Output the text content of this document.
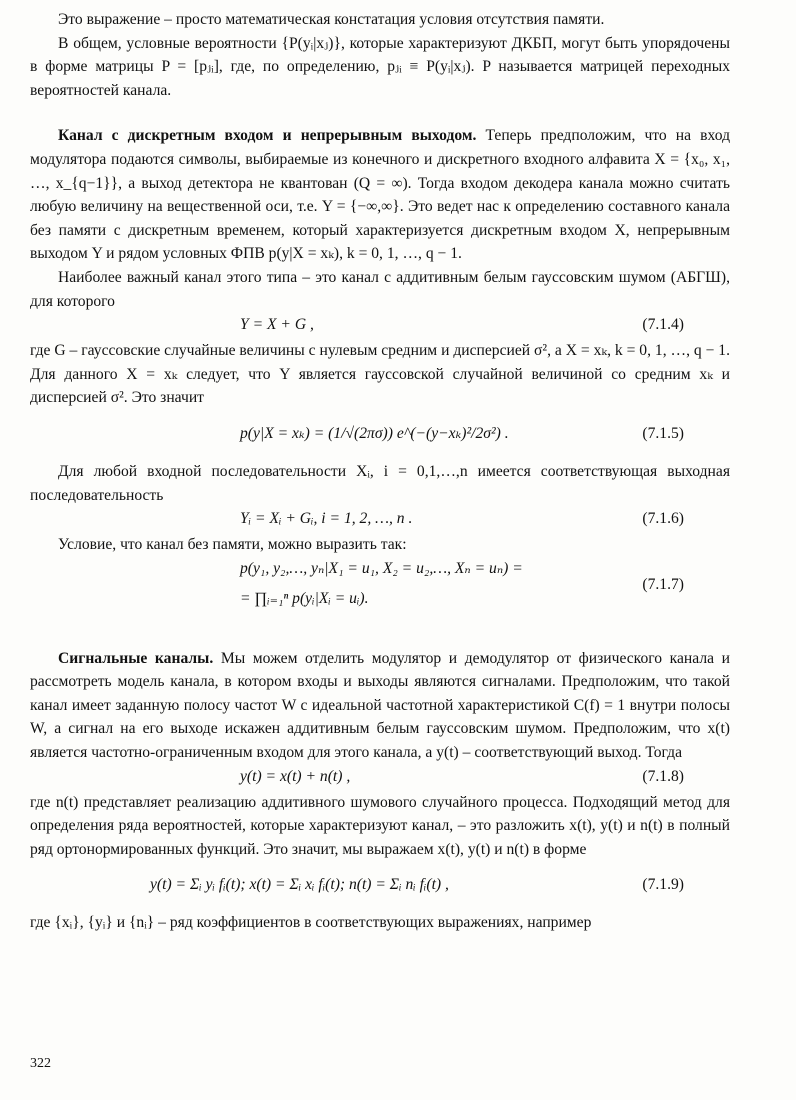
Это выражение – просто математическая констатация условия отсутствия памяти.

В общем, условные вероятности {P(yᵢ|xⱼ)}, которые характеризуют ДКБП, могут быть упорядочены в форме матрицы P = [pⱼᵢ], где, по определению, pⱼᵢ ≡ P(yᵢ|xⱼ). P называется матрицей переходных вероятностей канала.

Канал с дискретным входом и непрерывным выходом. Теперь предположим, что на вход модулятора подаются символы, выбираемые из конечного и дискретного входного алфавита X = {x₀, x₁, …, x_{q−1}}, а выход детектора не квантован (Q = ∞). Тогда входом декодера канала можно считать любую величину на вещественной оси, т.е. Y = {−∞,∞}. Это ведет нас к определению составного канала без памяти с дискретным временем, который характеризуется дискретным входом X, непрерывным выходом Y и рядом условных ФПВ p(y|X = xₖ), k = 0, 1, …, q − 1.

Наиболее важный канал этого типа – это канал с аддитивным белым гауссовским шумом (АБГШ), для которого

Y = X + G ,	(7.1.4)

где G – гауссовские случайные величины с нулевым средним и дисперсией σ², а X = xₖ, k = 0, 1, …, q − 1. Для данного X = xₖ следует, что Y является гауссовской случайной величиной со средним xₖ и дисперсией σ². Это значит

p(y|X = xₖ) = (1/√(2πσ)) e^(−(y−xₖ)²/2σ²) .	(7.1.5)

Для любой входной последовательности Xᵢ, i = 0,1,…,n имеется соответствующая выходная последовательность

Yᵢ = Xᵢ + Gᵢ, i = 1, 2, …, n .	(7.1.6)

Условие, что канал без памяти, можно выразить так:

p(y₁, y₂,…, yₙ|X₁ = u₁, X₂ = u₂,…, Xₙ = uₙ) =
= ∏ᵢ₌₁ⁿ p(yᵢ|Xᵢ = uᵢ).
(7.1.7)

Сигнальные каналы. Мы можем отделить модулятор и демодулятор от физического канала и рассмотреть модель канала, в котором входы и выходы являются сигналами. Предположим, что такой канал имеет заданную полосу частот W с идеальной частотной характеристикой C(f) = 1 внутри полосы W, а сигнал на его выходе искажен аддитивным белым гауссовским шумом. Предположим, что x(t) является частотно-ограниченным входом для этого канала, а y(t) – соответствующий выход. Тогда

y(t) = x(t) + n(t) ,	(7.1.8)

где n(t) представляет реализацию аддитивного шумового случайного процесса. Подходящий метод для определения ряда вероятностей, которые характеризуют канал, – это разложить x(t), y(t) и n(t) в полный ряд ортонормированных функций. Это значит, мы выражаем x(t), y(t) и n(t) в форме

y(t) = Σᵢ yᵢ fᵢ(t); x(t) = Σᵢ xᵢ fᵢ(t); n(t) = Σᵢ nᵢ fᵢ(t) ,	(7.1.9)

где {xᵢ}, {yᵢ} и {nᵢ} – ряд коэффициентов в соответствующих выражениях, например

322
